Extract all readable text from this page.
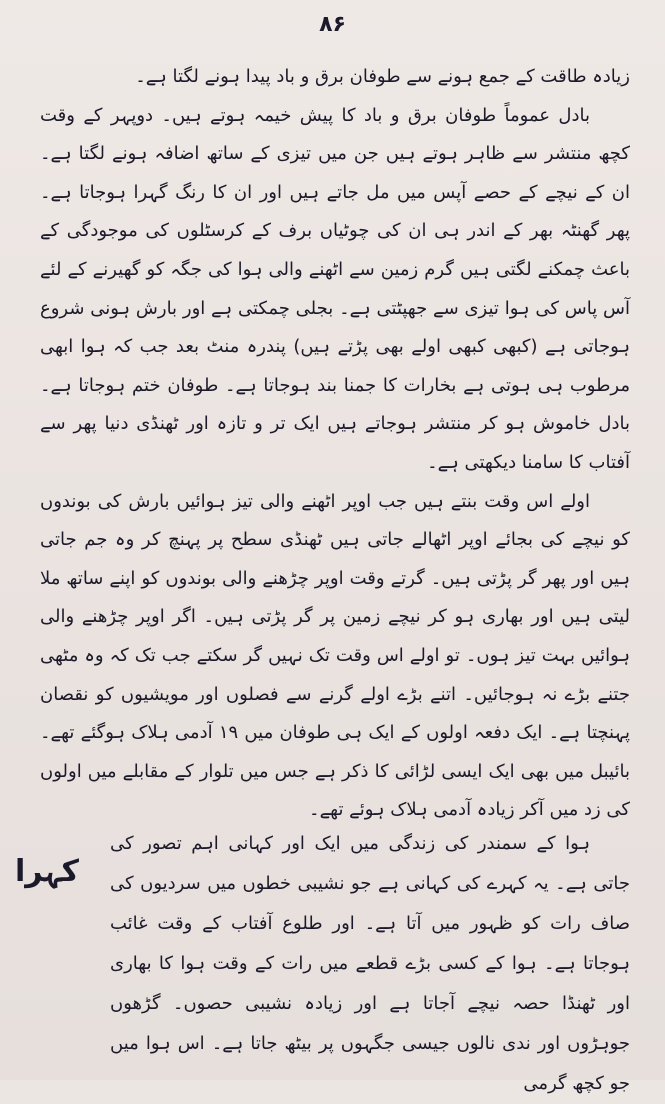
۸۶

زیادہ طاقت کے جمع ہونے سے طوفان برق و باد پیدا ہونے لگتا ہے۔

بادل عموماً طوفان برق و باد کا پیش خیمہ ہوتے ہیں۔ دوپہر کے وقت کچھ منتشر سے ظاہر ہوتے ہیں جن میں تیزی کے ساتھ اضافہ ہونے لگتا ہے۔ ان کے نیچے کے حصے آپس میں مل جاتے ہیں اور ان کا رنگ گہرا ہوجاتا ہے۔ پھر گھنٹہ بھر کے اندر ہی ان کی چوٹیاں برف کے کرسٹلوں کی موجودگی کے باعث چمکنے لگتی ہیں گرم زمین سے اٹھنے والی ہوا کی جگہ کو گھیرنے کے لئے آس پاس کی ہوا تیزی سے جھپٹتی ہے۔ بجلی چمکتی ہے اور بارش ہونی شروع ہوجاتی ہے (کبھی کبھی اولے بھی پڑتے ہیں) پندرہ منٹ بعد جب کہ ہوا ابھی مرطوب ہی ہوتی ہے بخارات کا جمنا بند ہوجاتا ہے۔ طوفان ختم ہوجاتا ہے۔ بادل خاموش ہو کر منتشر ہوجاتے ہیں ایک تر و تازہ اور ٹھنڈی دنیا پھر سے آفتاب کا سامنا دیکھتی ہے۔

اولے اس وقت بنتے ہیں جب اوپر اٹھنے والی تیز ہوائیں بارش کی بوندوں کو نیچے کی بجائے اوپر اٹھالے جاتی ہیں ٹھنڈی سطح پر پہنچ کر وہ جم جاتی ہیں اور پھر گر پڑتی ہیں۔ گرتے وقت اوپر چڑھنے والی بوندوں کو اپنے ساتھ ملا لیتی ہیں اور بھاری ہو کر نیچے زمین پر گر پڑتی ہیں۔ اگر اوپر چڑھنے والی ہوائیں بہت تیز ہوں۔ تو اولے اس وقت تک نہیں گر سکتے جب تک کہ وہ مٹھی جتنے بڑے نہ ہوجائیں۔ اتنے بڑے اولے گرنے سے فصلوں اور مویشیوں کو نقصان پہنچتا ہے۔ ایک دفعہ اولوں کے ایک ہی طوفان میں ۱۹ آدمی ہلاک ہوگئے تھے۔ بائیبل میں بھی ایک ایسی لڑائی کا ذکر ہے جس میں تلوار کے مقابلے میں اولوں کی زد میں آکر زیادہ آدمی ہلاک ہوئے تھے۔

کہرا

ہوا کے سمندر کی زندگی میں ایک اور کہانی اہم تصور کی جاتی ہے۔ یہ کہرے کی کہانی ہے جو نشیبی خطوں میں سردیوں کی صاف رات کو ظہور میں آتا ہے۔ اور طلوع آفتاب کے وقت غائب ہوجاتا ہے۔ ہوا کے کسی بڑے قطعے میں رات کے وقت ہوا کا بھاری اور ٹھنڈا حصہ نیچے آجاتا ہے اور زیادہ نشیبی حصوں۔ گڑھوں جوہڑوں اور ندی نالوں جیسی جگہوں پر بیٹھ جاتا ہے۔ اس ہوا میں جو کچھ گرمی
